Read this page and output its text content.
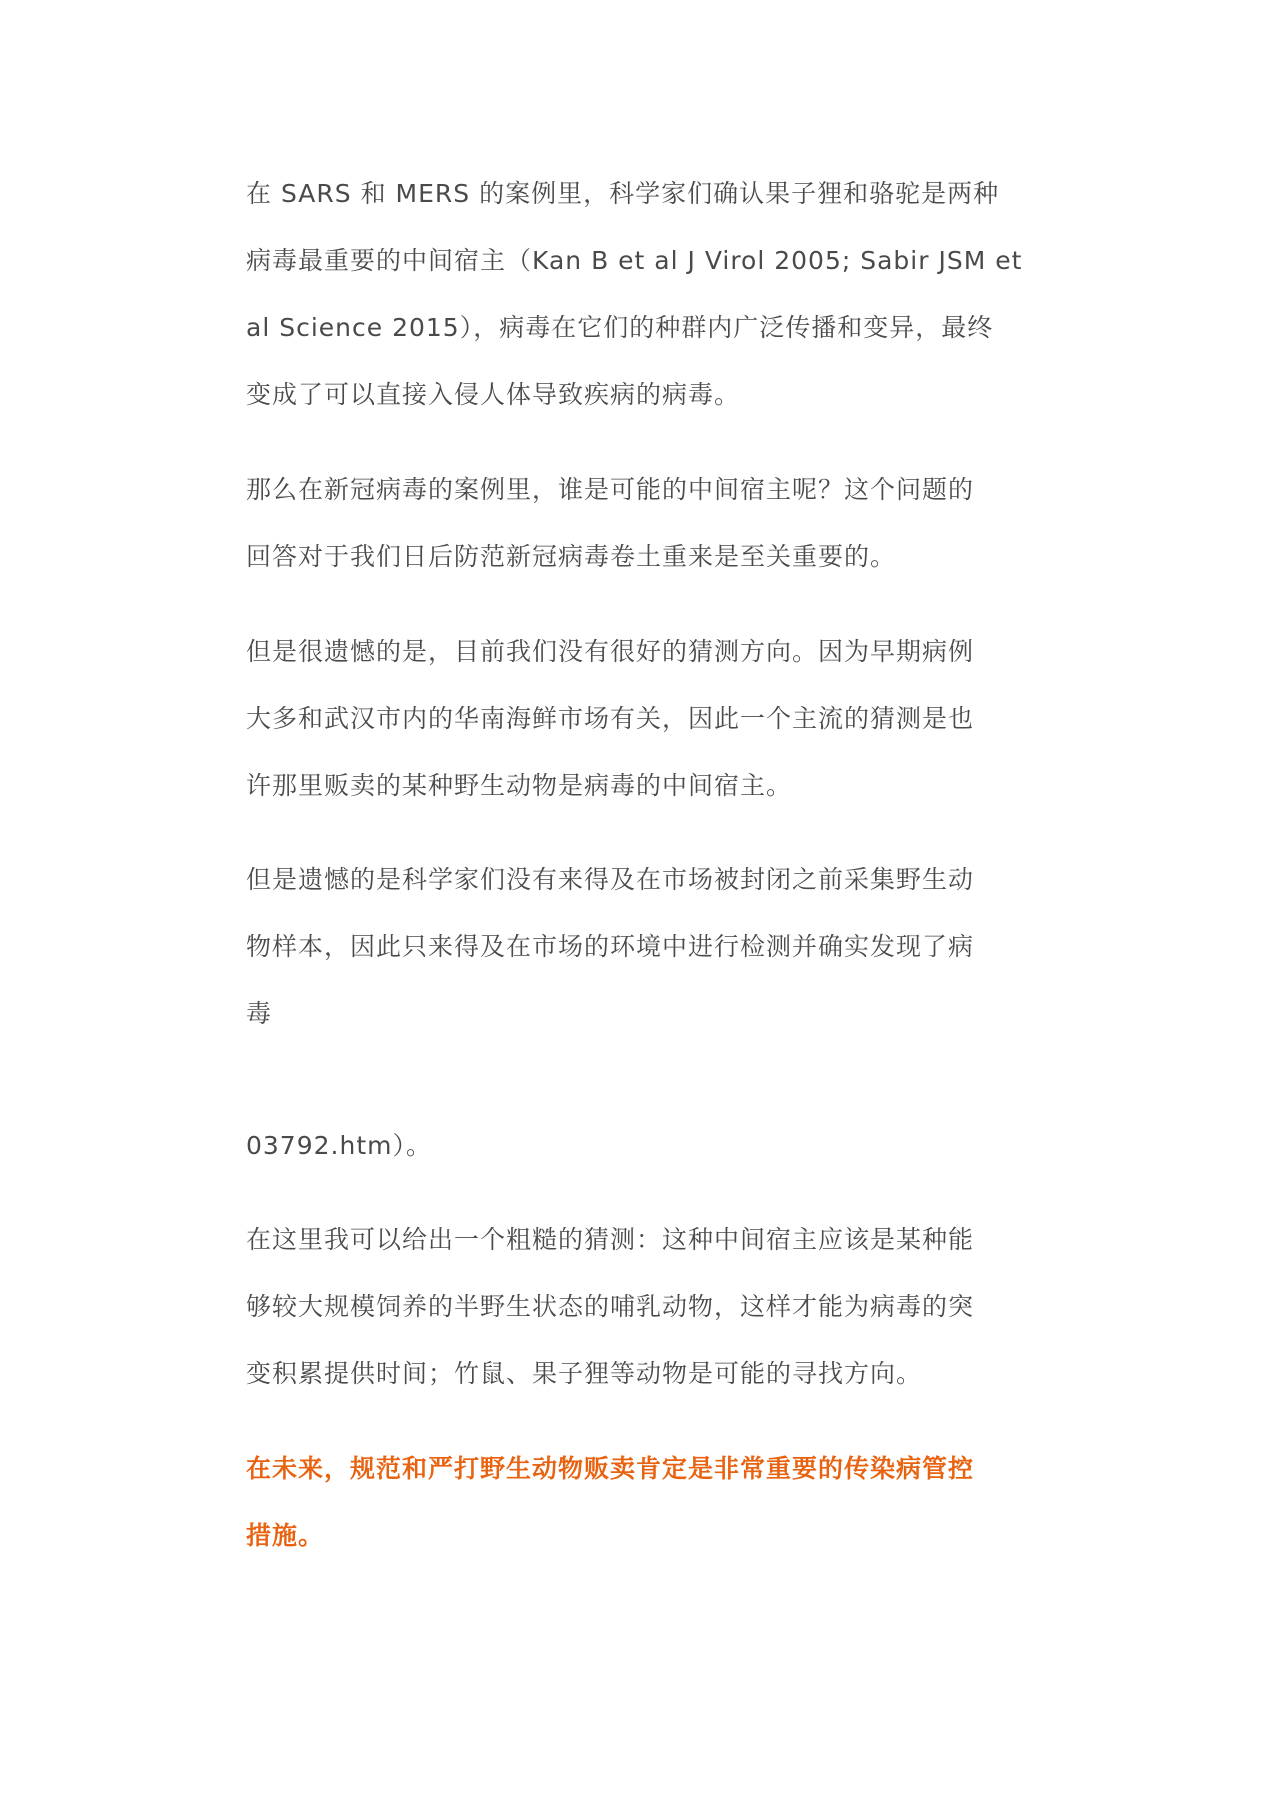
在 SARS 和 MERS 的案例里，科学家们确认果子狸和骆驼是两种
病毒最重要的中间宿主（Kan B et al J Virol 2005; Sabir JSM et
al Science 2015），病毒在它们的种群内广泛传播和变异，最终
变成了可以直接入侵人体导致疾病的病毒。

那么在新冠病毒的案例里，谁是可能的中间宿主呢？这个问题的
回答对于我们日后防范新冠病毒卷土重来是至关重要的。

但是很遗憾的是，目前我们没有很好的猜测方向。因为早期病例
大多和武汉市内的华南海鲜市场有关，因此一个主流的猜测是也
许那里贩卖的某种野生动物是病毒的中间宿主。

但是遗憾的是科学家们没有来得及在市场被封闭之前采集野生动
物样本，因此只来得及在市场的环境中进行检测并确实发现了病
毒

03792.htm）。

在这里我可以给出一个粗糙的猜测：这种中间宿主应该是某种能
够较大规模饲养的半野生状态的哺乳动物，这样才能为病毒的突
变积累提供时间；竹鼠、果子狸等动物是可能的寻找方向。

在未来，规范和严打野生动物贩卖肯定是非常重要的传染病管控
措施。
